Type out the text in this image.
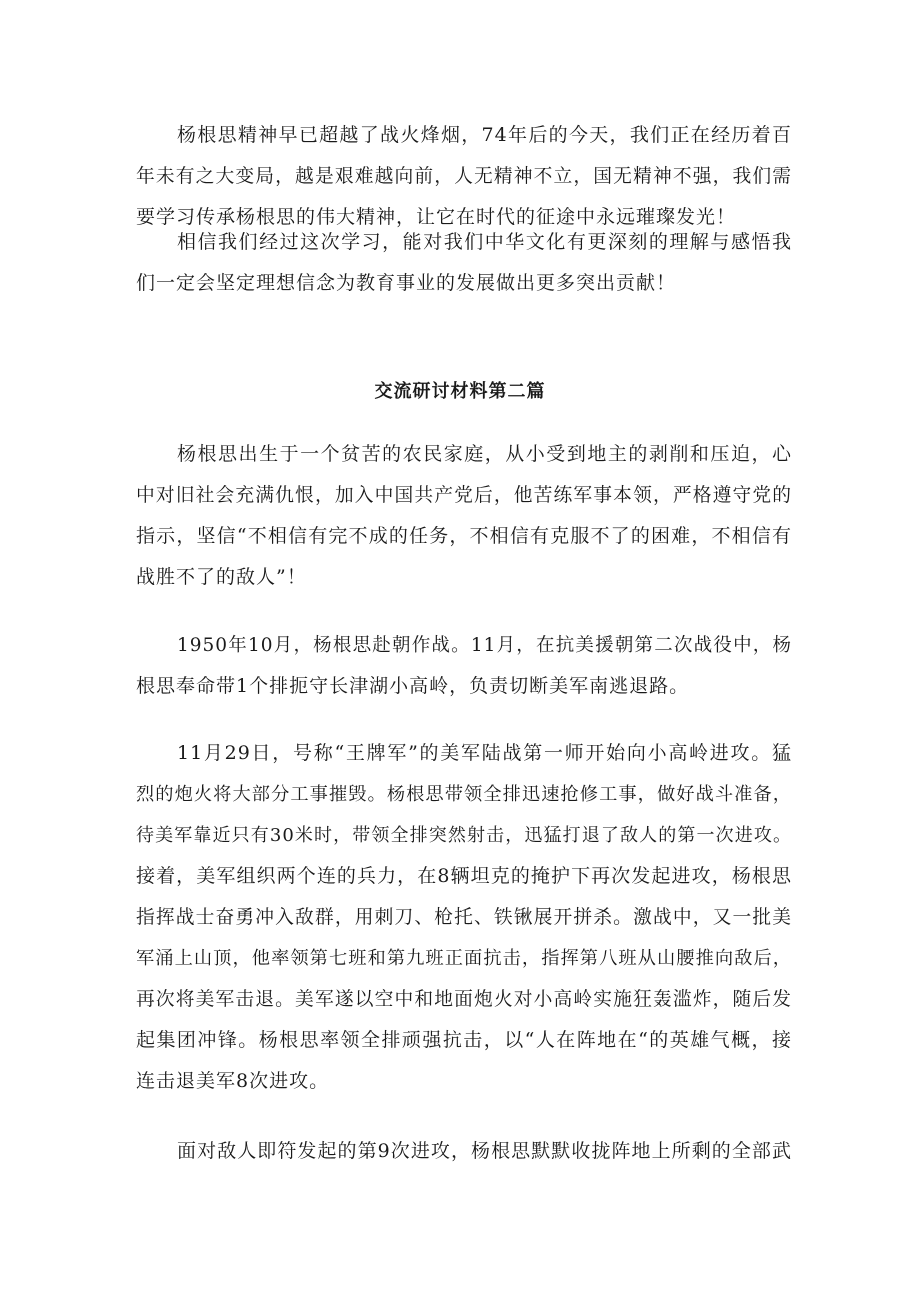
杨根思精神早已超越了战火烽烟，74年后的今天，我们正在经历着百
年未有之大变局，越是艰难越向前，人无精神不立，国无精神不强，我们需
要学习传承杨根思的伟大精神，让它在时代的征途中永远璀璨发光！
相信我们经过这次学习，能对我们中华文化有更深刻的理解与感悟我
们一定会坚定理想信念为教育事业的发展做出更多突出贡献！
交流研讨材料第二篇
杨根思出生于一个贫苦的农民家庭，从小受到地主的剥削和压迫，心
中对旧社会充满仇恨，加入中国共产党后，他苦练军事本领，严格遵守党的
指示，坚信“不相信有完不成的任务，不相信有克服不了的困难，不相信有
战胜不了的敌人”！
1950年10月，杨根思赴朝作战。11月，在抗美援朝第二次战役中，杨
根思奉命带1个排扼守长津湖小高岭，负责切断美军南逃退路。
11月29日，号称“王牌军”的美军陆战第一师开始向小高岭进攻。猛
烈的炮火将大部分工事摧毁。杨根思带领全排迅速抢修工事，做好战斗准备，
待美军靠近只有30米时，带领全排突然射击，迅猛打退了敌人的第一次进攻。
接着，美军组织两个连的兵力，在8辆坦克的掩护下再次发起进攻，杨根思
指挥战士奋勇冲入敌群，用刺刀、枪托、铁锹展开拼杀。激战中，又一批美
军涌上山顶，他率领第七班和第九班正面抗击，指挥第八班从山腰推向敌后，
再次将美军击退。美军遂以空中和地面炮火对小高岭实施狂轰滥炸，随后发
起集团冲锋。杨根思率领全排顽强抗击，以“人在阵地在“的英雄气概，接
连击退美军8次进攻。
面对敌人即符发起的第9次进攻，杨根思默默收拢阵地上所剩的全部武
